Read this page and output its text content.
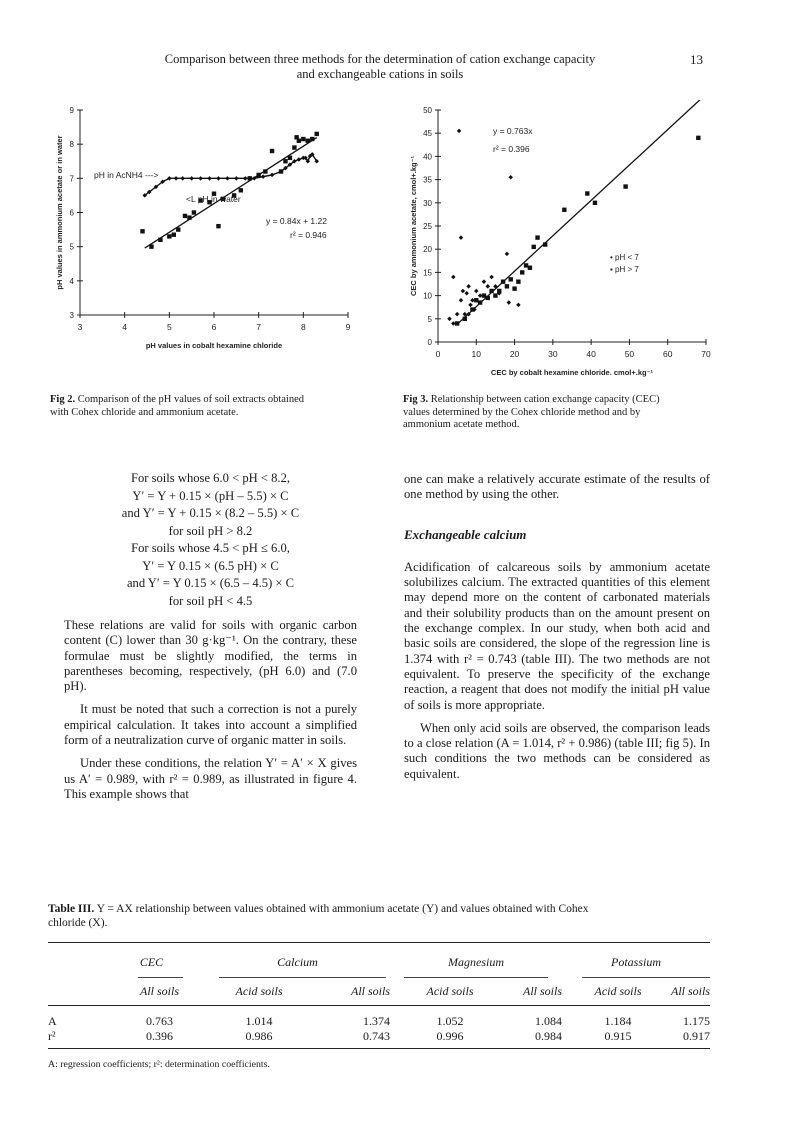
Comparison between three methods for the determination of cation exchange capacity
and exchangeable cations in soils
13
3	4	5	6	7	8	9
3
4
5
6
7
8
9
pH values in cobalt hexamine chloride
pH values in ammonium acetate or in water	pH in AcNH4 --->
<L pH in water
y = 0.84x + 1.22
r² = 0.946
0	10	20	30	40	50	60	70
0
5
10
15
20
25
30
35
40
45
50
CEC by cobalt hexamine chloride. cmol+.kg⁻¹
CEC by ammonium acetate, cmol+.kg⁻¹
y = 0.763x
r² = 0.396
• pH < 7
▪ pH > 7
Fig 2. Comparison of the pH values of soil extracts obtained
with Cohex chloride and ammonium acetate.
Fig 3. Relationship between cation exchange capacity (CEC)
values determined by the Cohex chloride method and by
ammonium acetate method.
For soils whose 6.0 < pH < 8.2,
Y′ = Y + 0.15 × (pH – 5.5) × C
and Y′ = Y + 0.15 × (8.2 – 5.5) × C
for soil pH > 8.2
For soils whose 4.5 < pH ≤ 6.0,
Y′ = Y 0.15 × (6.5 pH) × C
and Y′ = Y 0.15 × (6.5 – 4.5) × C
for soil pH < 4.5

These relations are valid for soils with organic carbon content (C) lower than 30 g·kg⁻¹. On the contrary, these formulae must be slightly modified, the terms in parentheses becoming, respectively, (pH 6.0) and (7.0 pH).

It must be noted that such a correction is not a purely empirical calculation. It takes into account a simplified form of a neutralization curve of organic matter in soils.

Under these conditions, the relation Y′ = A′ × X gives us A′ = 0.989, with r² = 0.989, as illustrated in figure 4. This example shows that

one can make a relatively accurate estimate of the results of one method by using the other.

Exchangeable calcium

Acidification of calcareous soils by ammonium acetate solubilizes calcium. The extracted quantities of this element may depend more on the content of carbonated materials and their solubility products than on the amount present on the exchange complex. In our study, when both acid and basic soils are considered, the slope of the regression line is 1.374 with r² = 0.743 (table III). The two methods are not equivalent. To preserve the specificity of the exchange reaction, a reagent that does not modify the initial pH value of soils is more appropriate.

When only acid soils are observed, the comparison leads to a close relation (A = 1.014, r² + 0.986) (table III; fig 5). In such conditions the two methods can be considered as equivalent.

Table III. Y = AX relationship between values obtained with ammonium acetate (Y) and values obtained with Cohex
chloride (X).
	CEC	Calcium		Magnesium		Potassium	

	All soils	Acid soils	All soils	Acid soils	All soils	Acid soils	All soils

A	0.763	1.014	1.374	1.052	1.084	1.184	1.175
r²	0.396	0.986	0.743	0.996	0.984	0.915	0.917
A: regression coefficients; r²: determination coefficients.
